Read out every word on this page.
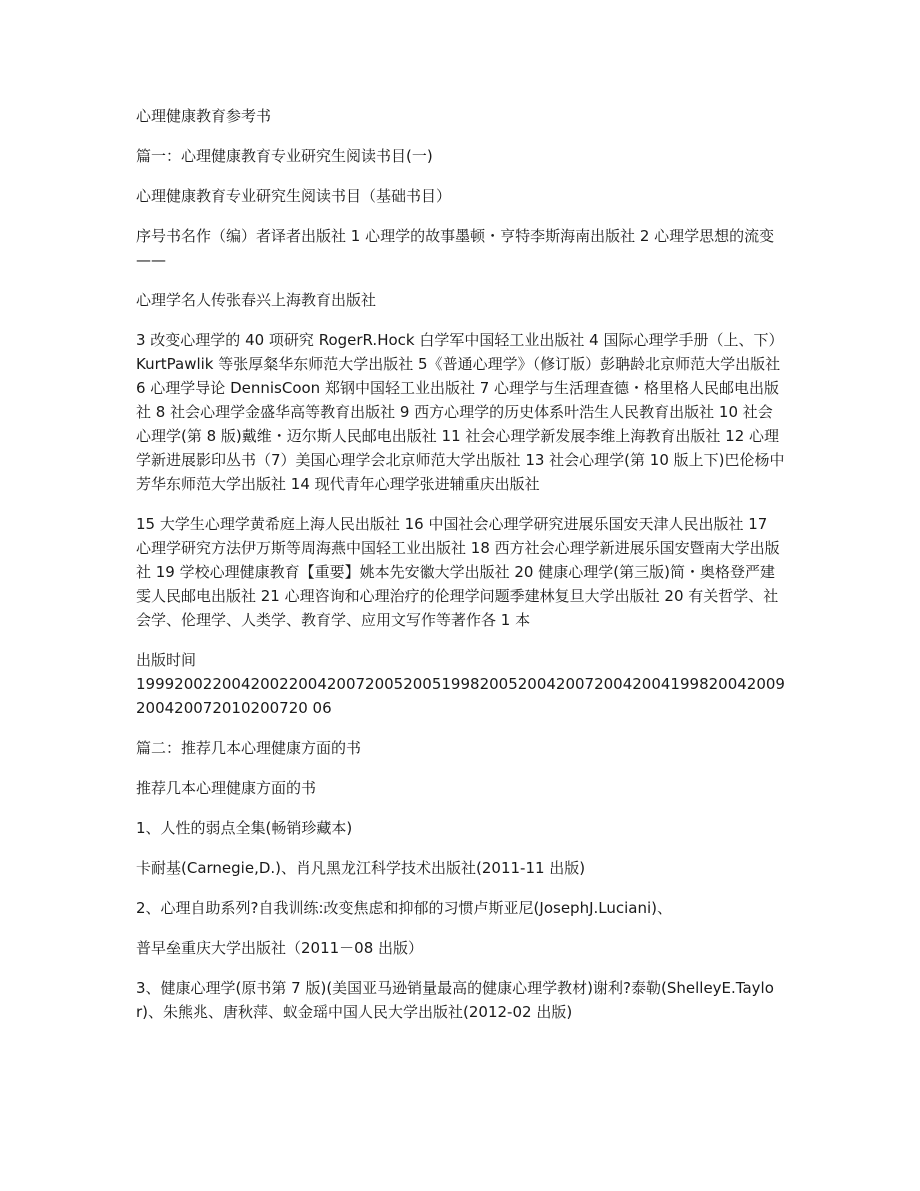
心理健康教育参考书

篇一：心理健康教育专业研究生阅读书目(一)

心理健康教育专业研究生阅读书目（基础书目）

序号书名作（编）者译者出版社 1 心理学的故事墨顿・亨特李斯海南出版社 2 心理学思想的流变——

心理学名人传张春兴上海教育出版社

3 改变心理学的 40 项研究 RogerR.Hock 白学军中国轻工业出版社 4 国际心理学手册（上、下）KurtPawlik 等张厚粲华东师范大学出版社 5《普通心理学》（修订版）彭聃龄北京师范大学出版社 6 心理学导论 DennisCoon 郑钢中国轻工业出版社 7 心理学与生活理查德・格里格人民邮电出版社 8 社会心理学金盛华高等教育出版社 9 西方心理学的历史体系叶浩生人民教育出版社 10 社会心理学(第 8 版)戴维・迈尔斯人民邮电出版社 11 社会心理学新发展李维上海教育出版社 12 心理学新进展影印丛书（7）美国心理学会北京师范大学出版社 13 社会心理学(第 10 版上下)巴伦杨中芳华东师范大学出版社 14 现代青年心理学张进辅重庆出版社

15 大学生心理学黄希庭上海人民出版社 16 中国社会心理学研究进展乐国安天津人民出版社 17 心理学研究方法伊万斯等周海燕中国轻工业出版社 18 西方社会心理学新进展乐国安暨南大学出版社 19 学校心理健康教育【重要】姚本先安徽大学出版社 20 健康心理学(第三版)简・奥格登严建雯人民邮电出版社 21 心理咨询和心理治疗的伦理学问题季建林复旦大学出版社 20 有关哲学、社会学、伦理学、人类学、教育学、应用文写作等著作各 1 本

出版时间
19992002200420022004200720052005199820052004200720042004199820042009200420072010200720 06

篇二：推荐几本心理健康方面的书

推荐几本心理健康方面的书

1、人性的弱点全集(畅销珍藏本)

卡耐基(Carnegie,D.)、肖凡黑龙江科学技术出版社(2011-11 出版)

2、心理自助系列?自我训练:改变焦虑和抑郁的习惯卢斯亚尼(JosephJ.Luciani)、

普早垒重庆大学出版社（2011－08 出版）

3、健康心理学(原书第 7 版)(美国亚马逊销量最高的健康心理学教材)谢利?泰勒(ShelleyE.Taylor)、朱熊兆、唐秋萍、蚁金瑶中国人民大学出版社(2012-02 出版)
